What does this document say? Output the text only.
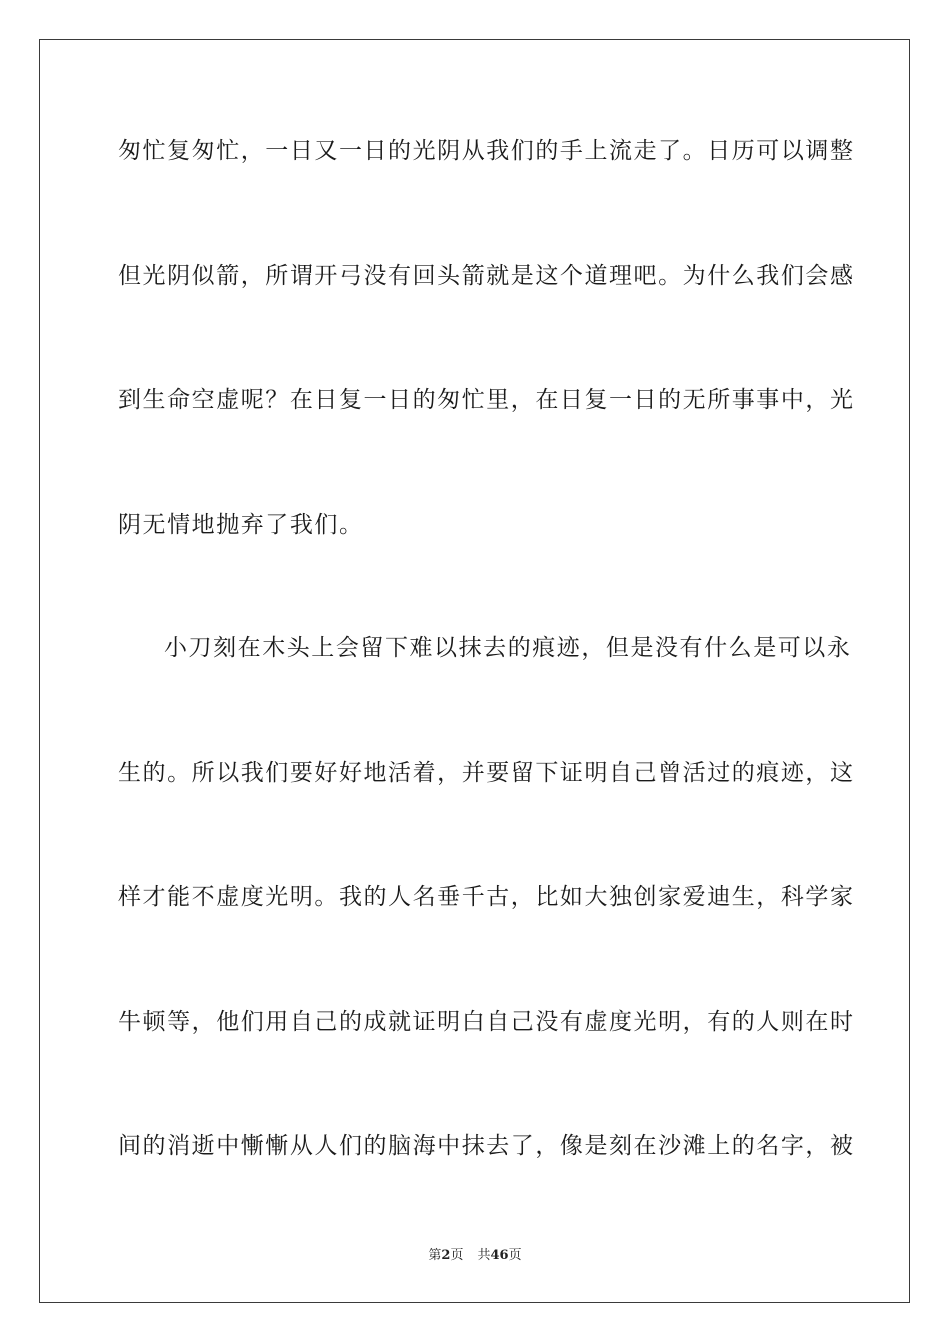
匆忙复匆忙，一日又一日的光阴从我们的手上流走了。日历可以调整
但光阴似箭，所谓开弓没有回头箭就是这个道理吧。为什么我们会感
到生命空虚呢？在日复一日的匆忙里，在日复一日的无所事事中，光
阴无情地抛弃了我们。
小刀刻在木头上会留下难以抹去的痕迹，但是没有什么是可以永
生的。所以我们要好好地活着，并要留下证明自己曾活过的痕迹，这
样才能不虚度光明。我的人名垂千古，比如大独创家爱迪生，科学家
牛顿等，他们用自己的成就证明白自己没有虚度光明，有的人则在时
间的消逝中慚慚从人们的脑海中抹去了，像是刻在沙滩上的名字，被
第2页 共46页
